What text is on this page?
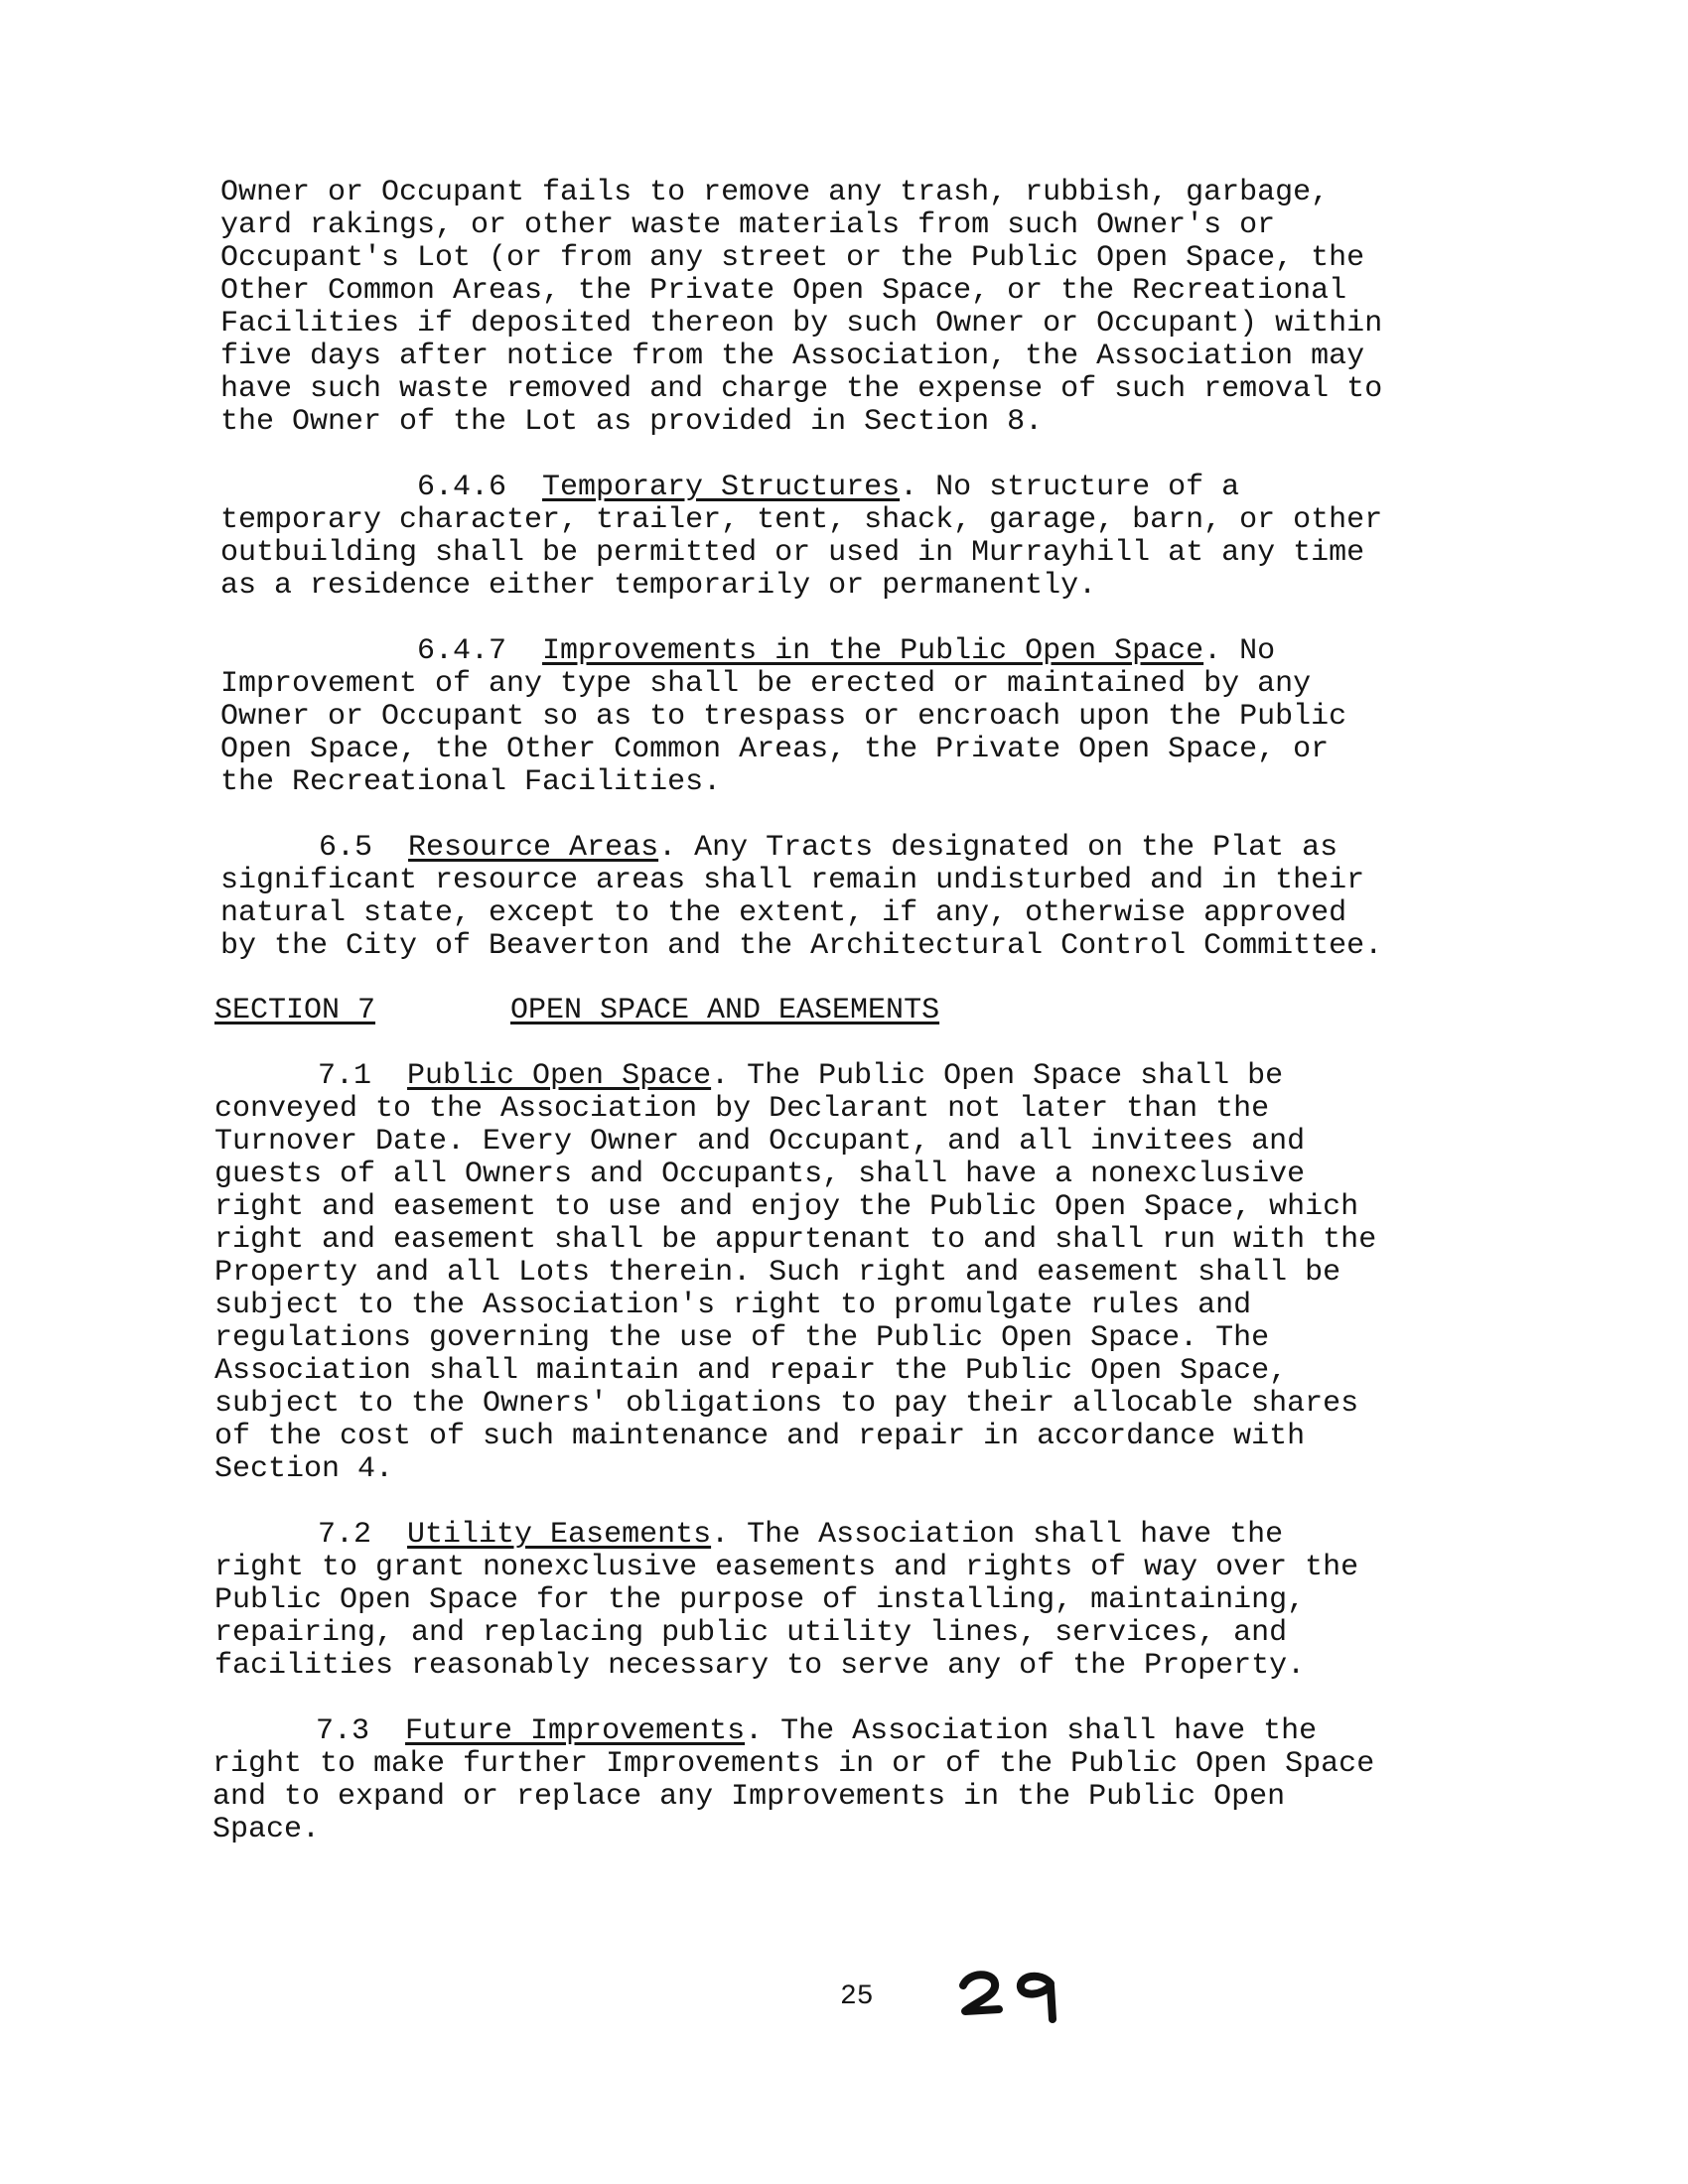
Owner or Occupant fails to remove any trash, rubbish, garbage,
yard rakings, or other waste materials from such Owner's or
Occupant's Lot (or from any street or the Public Open Space, the
Other Common Areas, the Private Open Space, or the Recreational
Facilities if deposited thereon by such Owner or Occupant) within
five days after notice from the Association, the Association may
have such waste removed and charge the expense of such removal to
the Owner of the Lot as provided in Section 8.

6.4.6 Temporary Structures. No structure of a
temporary character, trailer, tent, shack, garage, barn, or other
outbuilding shall be permitted or used in Murrayhill at any time
as a residence either temporarily or permanently.

6.4.7 Improvements in the Public Open Space. No
Improvement of any type shall be erected or maintained by any
Owner or Occupant so as to trespass or encroach upon the Public
Open Space, the Other Common Areas, the Private Open Space, or
the Recreational Facilities.

6.5 Resource Areas. Any Tracts designated on the Plat as
significant resource areas shall remain undisturbed and in their
natural state, except to the extent, if any, otherwise approved
by the City of Beaverton and the Architectural Control Committee.

SECTION 7	OPEN SPACE AND EASEMENTS

7.1 Public Open Space. The Public Open Space shall be
conveyed to the Association by Declarant not later than the
Turnover Date. Every Owner and Occupant, and all invitees and
guests of all Owners and Occupants, shall have a nonexclusive
right and easement to use and enjoy the Public Open Space, which
right and easement shall be appurtenant to and shall run with the
Property and all Lots therein. Such right and easement shall be
subject to the Association's right to promulgate rules and
regulations governing the use of the Public Open Space. The
Association shall maintain and repair the Public Open Space,
subject to the Owners' obligations to pay their allocable shares
of the cost of such maintenance and repair in accordance with
Section 4.

7.2 Utility Easements. The Association shall have the
right to grant nonexclusive easements and rights of way over the
Public Open Space for the purpose of installing, maintaining,
repairing, and replacing public utility lines, services, and
facilities reasonably necessary to serve any of the Property.

7.3 Future Improvements. The Association shall have the
right to make further Improvements in or of the Public Open Space
and to expand or replace any Improvements in the Public Open
Space.

25
